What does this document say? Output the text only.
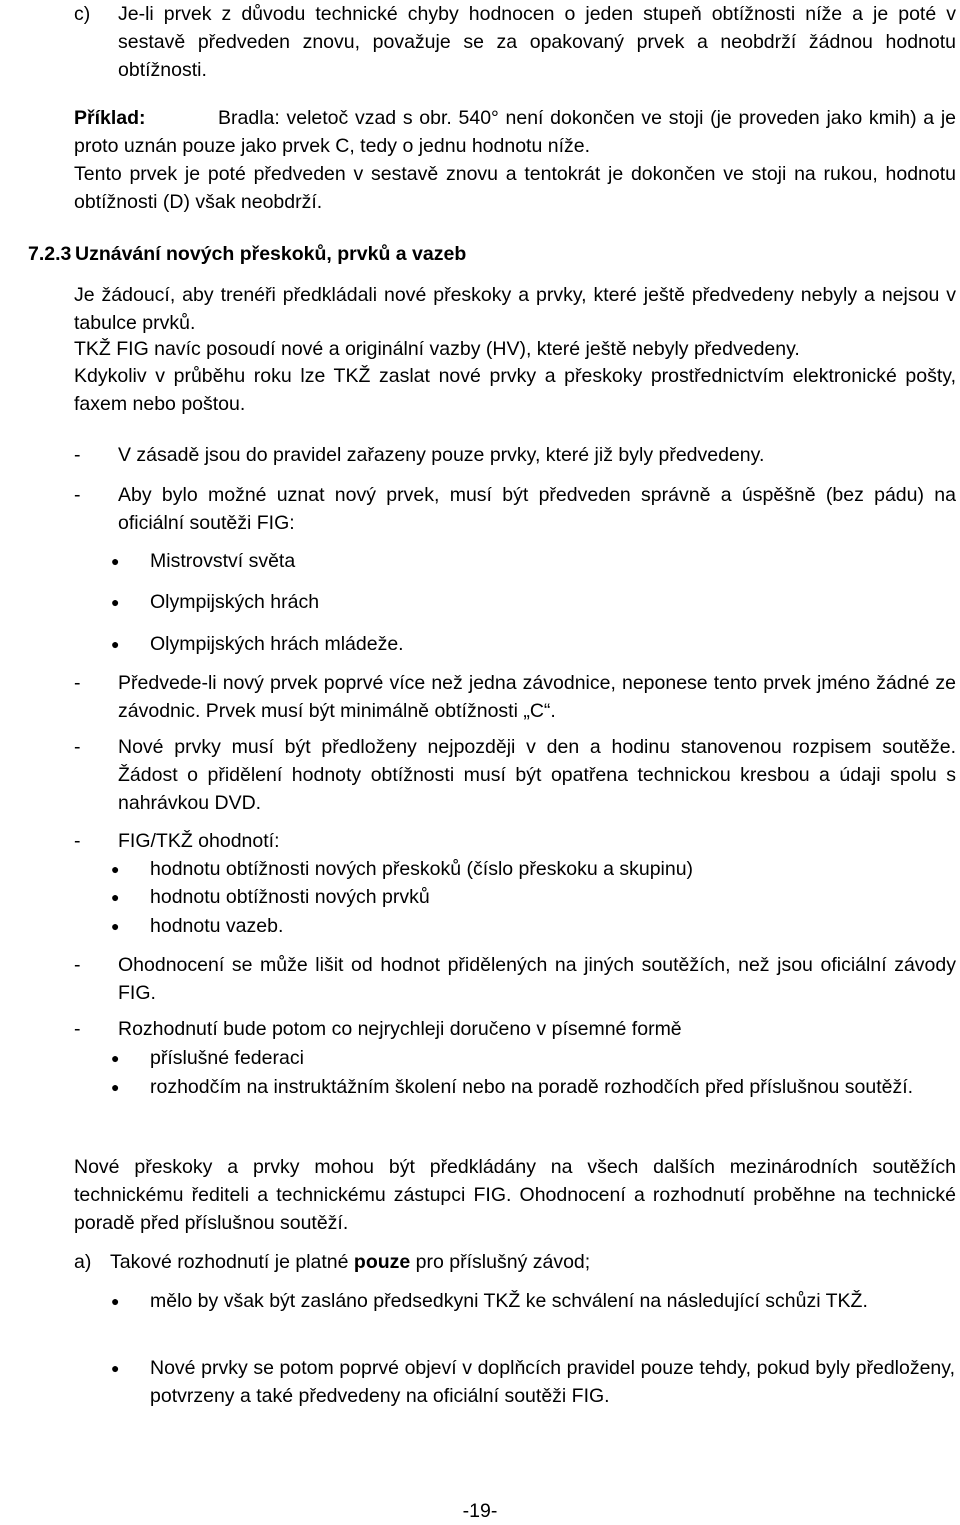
c)	Je-li prvek z důvodu technické chyby hodnocen o jeden stupeň obtížnosti níže a je poté v sestavě předveden znovu, považuje se za opakovaný prvek a neobdrží žádnou hodnotu obtížnosti.
Příklad:	Bradla: veletoč vzad s obr. 540° není dokončen ve stoji (je proveden jako kmih) a je proto uznán pouze jako prvek C, tedy o jednu hodnotu níže.
Tento prvek je poté předveden v sestavě znovu a tentokrát je dokončen ve stoji na rukou, hodnotu obtížnosti (D) však neobdrží.
7.2.3 Uznávání nových přeskoků, prvků a vazeb
Je žádoucí, aby trenéři předkládali nové přeskoky a prvky, které ještě předvedeny nebyly a nejsou v tabulce prvků.
TKŽ FIG navíc posoudí nové a originální vazby (HV), které ještě nebyly předvedeny.
Kdykoliv v průběhu roku lze TKŽ zaslat nové prvky a přeskoky prostřednictvím elektronické pošty, faxem nebo poštou.
-	V zásadě jsou do pravidel zařazeny pouze prvky, které již byly předvedeny.
-	Aby bylo možné uznat nový prvek, musí být předveden správně a úspěšně (bez pádu) na oficiální soutěži FIG:
●	Mistrovství světa
●	Olympijských hrách
●	Olympijských hrách mládeže.
-	Předvede-li nový prvek poprvé více než jedna závodnice, neponese tento prvek jméno žádné ze závodnic. Prvek musí být minimálně obtížnosti „C“.
-	Nové prvky musí být předloženy nejpozději v den a hodinu stanovenou rozpisem soutěže. Žádost o přidělení hodnoty obtížnosti musí být opatřena technickou kresbou a údaji spolu s nahrávkou DVD.
-	FIG/TKŽ ohodnotí:
●	hodnotu obtížnosti nových přeskoků (číslo přeskoku a skupinu)
●	hodnotu obtížnosti nových prvků
●	hodnotu vazeb.
-	Ohodnocení se může lišit od hodnot přidělených na jiných soutěžích, než jsou oficiální závody FIG.
-	Rozhodnutí bude potom co nejrychleji doručeno v písemné formě
●	příslušné federaci
●	rozhodčím na instruktážním školení nebo na poradě rozhodčích před příslušnou soutěží.
Nové přeskoky a prvky mohou být předkládány na všech dalších mezinárodních soutěžích technickému řediteli a technickému zástupci FIG. Ohodnocení a rozhodnutí proběhne na technické poradě před příslušnou soutěží.
a) Takové rozhodnutí je platné pouze pro příslušný závod;
●	mělo by však být zasláno předsedkyni TKŽ ke schválení na následující schůzi TKŽ.
●	Nové prvky se potom poprvé objeví v doplňcích pravidel pouze tehdy, pokud byly předloženy, potvrzeny a také předvedeny na oficiální soutěži FIG.
-19-
